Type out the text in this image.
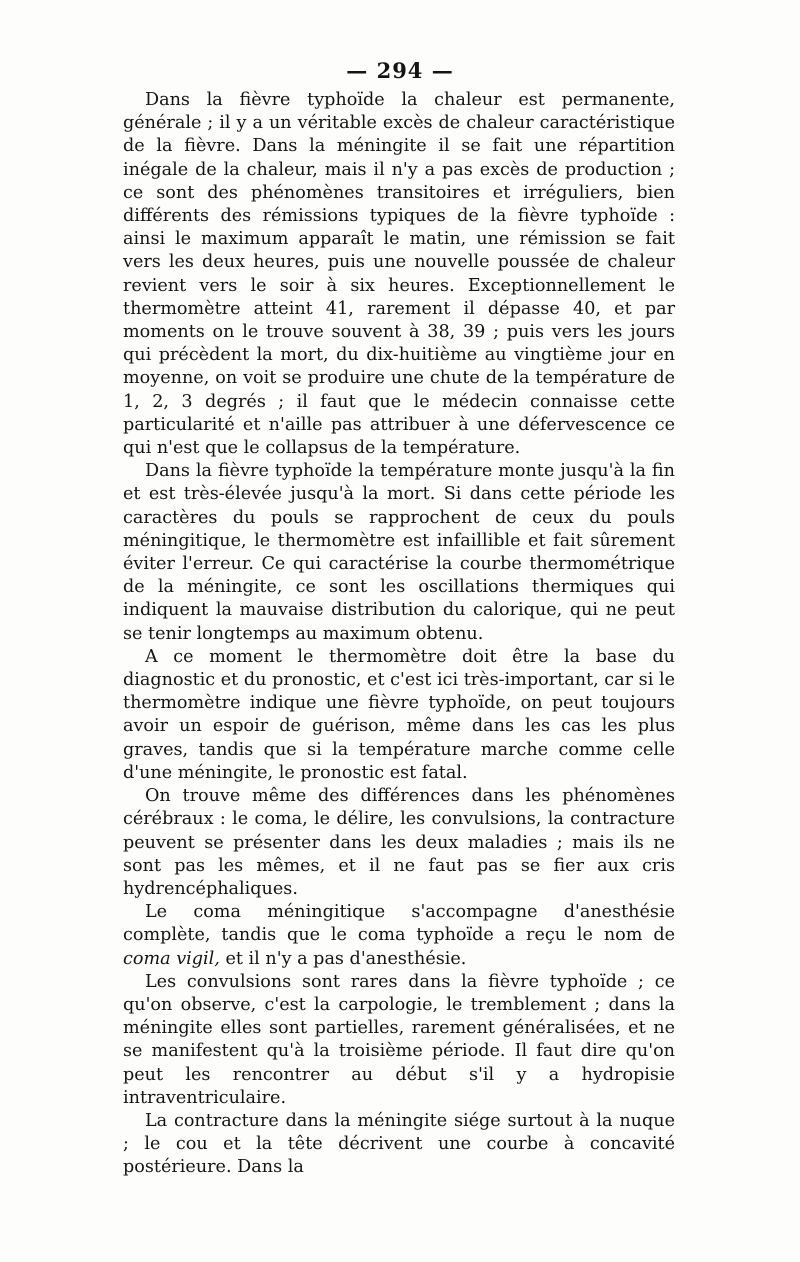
— 294 —

Dans la fièvre typhoïde la chaleur est permanente, générale ; il y a un véritable excès de chaleur caractéristique de la fièvre. Dans la méningite il se fait une répartition inégale de la chaleur, mais il n'y a pas excès de production ; ce sont des phénomènes transitoires et irréguliers, bien différents des rémissions typiques de la fièvre typhoïde : ainsi le maximum apparaît le matin, une rémission se fait vers les deux heures, puis une nouvelle poussée de chaleur revient vers le soir à six heures. Exceptionnellement le thermomètre atteint 41, rarement il dépasse 40, et par moments on le trouve souvent à 38, 39 ; puis vers les jours qui précèdent la mort, du dix-huitième au vingtième jour en moyenne, on voit se produire une chute de la température de 1, 2, 3 degrés ; il faut que le médecin connaisse cette particularité et n'aille pas attribuer à une défervescence ce qui n'est que le collapsus de la température.

Dans la fièvre typhoïde la température monte jusqu'à la fin et est très-élevée jusqu'à la mort. Si dans cette période les caractères du pouls se rapprochent de ceux du pouls méningitique, le thermomètre est infaillible et fait sûrement éviter l'erreur. Ce qui caractérise la courbe thermométrique de la méningite, ce sont les oscillations thermiques qui indiquent la mauvaise distribution du calorique, qui ne peut se tenir longtemps au maximum obtenu.

A ce moment le thermomètre doit être la base du diagnostic et du pronostic, et c'est ici très-important, car si le thermomètre indique une fièvre typhoïde, on peut toujours avoir un espoir de guérison, même dans les cas les plus graves, tandis que si la température marche comme celle d'une méningite, le pronostic est fatal.

On trouve même des différences dans les phénomènes cérébraux : le coma, le délire, les convulsions, la contracture peuvent se présenter dans les deux maladies ; mais ils ne sont pas les mêmes, et il ne faut pas se fier aux cris hydrencéphaliques.

Le coma méningitique s'accompagne d'anesthésie complète, tandis que le coma typhoïde a reçu le nom de coma vigil, et il n'y a pas d'anesthésie.

Les convulsions sont rares dans la fièvre typhoïde ; ce qu'on observe, c'est la carpologie, le tremblement ; dans la méningite elles sont partielles, rarement généralisées, et ne se manifestent qu'à la troisième période. Il faut dire qu'on peut les rencontrer au début s'il y a hydropisie intraventriculaire.

La contracture dans la méningite siége surtout à la nuque ; le cou et la tête décrivent une courbe à concavité postérieure. Dans la
